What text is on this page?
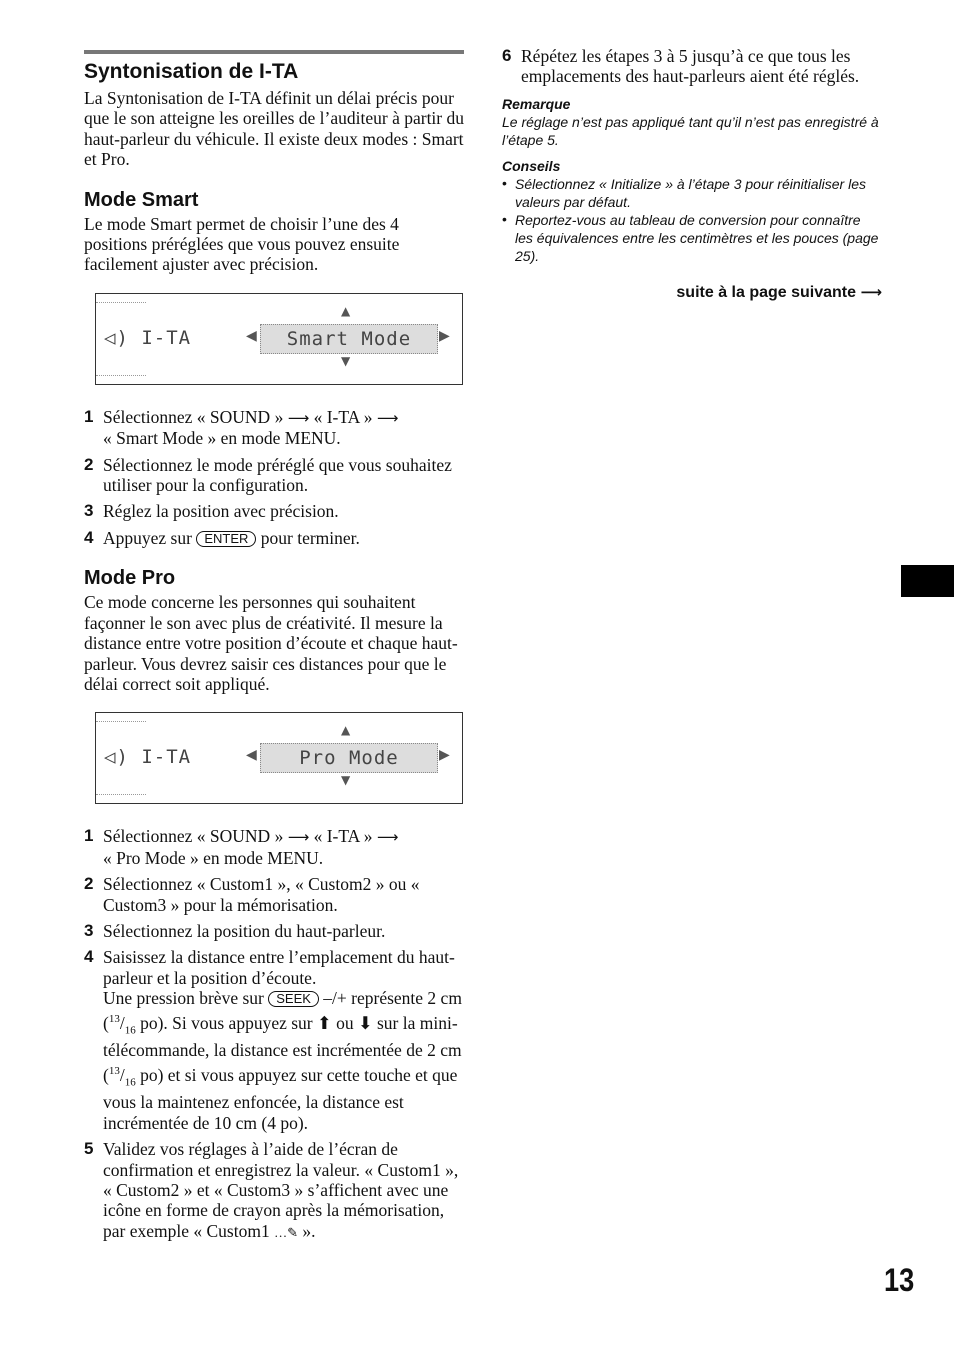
Syntonisation de I-TA

La Syntonisation de I-TA définit un délai précis pour que le son atteigne les oreilles de l’auditeur à partir du haut-parleur du véhicule. Il existe deux modes : Smart et Pro.

Mode Smart

Le mode Smart permet de choisir l’une des 4 positions préréglées que vous pouvez ensuite facilement ajuster avec précision.

◁) I-TA
▲
◀	Smart Mode	▶
▼
1 Sélectionnez « SOUND » ⟶ « I-TA » ⟶
« Smart Mode » en mode MENU.
2 Sélectionnez le mode préréglé que vous souhaitez utiliser pour la configuration.
3 Réglez la position avec précision.
4 Appuyez sur ENTER pour terminer.
Mode Pro

Ce mode concerne les personnes qui souhaitent façonner le son avec plus de créativité. Il mesure la distance entre votre position d’écoute et chaque haut-parleur. Vous devrez saisir ces distances pour que le délai correct soit appliqué.

◁) I-TA
▲
◀	Pro Mode	▶
▼
1 Sélectionnez « SOUND » ⟶ « I-TA » ⟶
« Pro Mode » en mode MENU.
2 Sélectionnez « Custom1 », « Custom2 » ou « Custom3 » pour la mémorisation.
3 Sélectionnez la position du haut-parleur.
4 Saisissez la distance entre l’emplacement du haut-parleur et la position d’écoute.
Une pression brève sur SEEK –/+ représente 2 cm ($^{13}/_{16}$ po). Si vous appuyez sur ⬆ ou ⬇ sur la mini-télécommande, la distance est incrémentée de 2 cm ($^{13}/_{16}$ po) et si vous appuyez sur cette touche et que vous la maintenez enfoncée, la distance est incrémentée de 10 cm (4 po).
5 Validez vos réglages à l’aide de l’écran de confirmation et enregistrez la valeur. « Custom1 », « Custom2 » et « Custom3 » s’affichent avec une icône en forme de crayon après la mémorisation, par exemple « Custom1 …✎ ».
6 Répétez les étapes 3 à 5 jusqu’à ce que tous les emplacements des haut-parleurs aient été réglés.
Remarque
Le réglage n’est pas appliqué tant qu’il n’est pas enregistré à l’étape 5.
Conseils
• Sélectionnez « Initialize » à l’étape 3 pour réinitialiser les valeurs par défaut.
• Reportez-vous au tableau de conversion pour connaître les équivalences entre les centimètres et les pouces (page 25).
suite à la page suivante ⟶
13
